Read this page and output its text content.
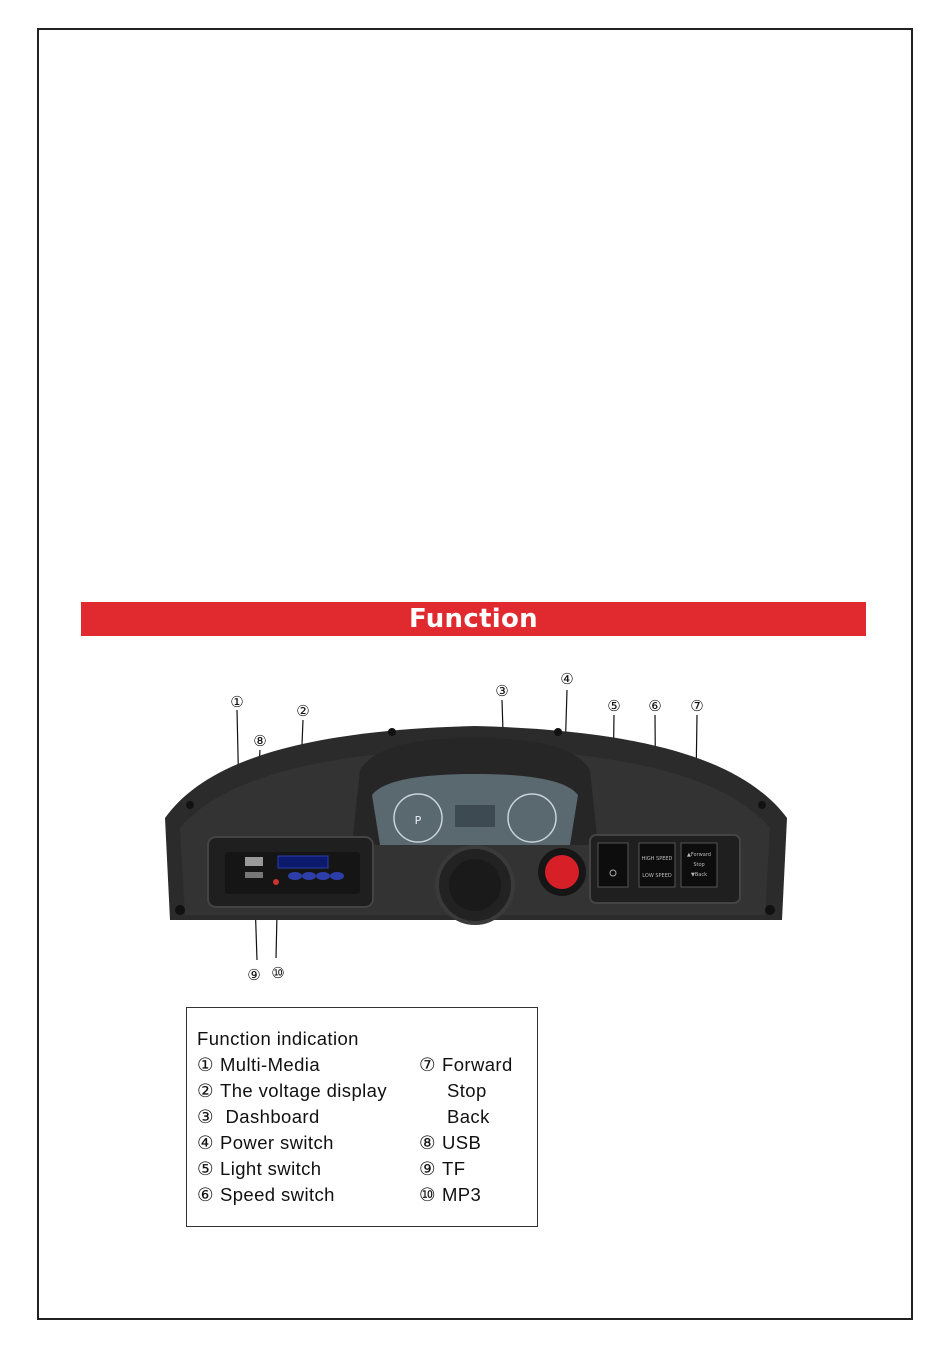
Function
P
HIGH SPEED
LOW SPEED
▲Forward
Stop
▼Back
①	②
③
④
⑤ ⑥ ⑦
⑧
⑨ ⑩
Function indication
① Multi-Media
② The voltage display
③ Dashboard
④ Power switch
⑤ Light switch
⑥ Speed switch
⑦ Forward
Stop
Back
⑧ USB
⑨ TF
⑩ MP3
